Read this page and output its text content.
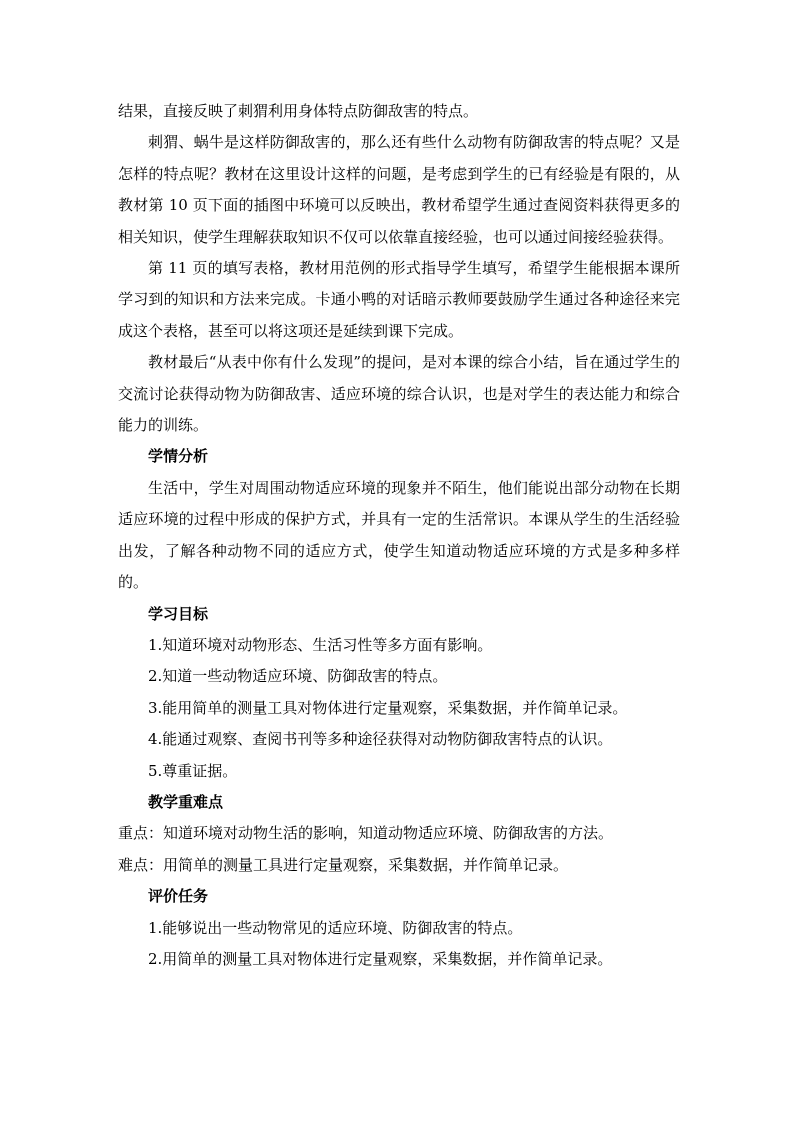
结果，直接反映了刺猬利用身体特点防御敌害的特点。

刺猬、蜗牛是这样防御敌害的，那么还有些什么动物有防御敌害的特点呢？又是怎样的特点呢？教材在这里设计这样的问题，是考虑到学生的已有经验是有限的，从教材第 10 页下面的插图中环境可以反映出，教材希望学生通过查阅资料获得更多的相关知识，使学生理解获取知识不仅可以依靠直接经验，也可以通过间接经验获得。

第 11 页的填写表格，教材用范例的形式指导学生填写，希望学生能根据本课所学习到的知识和方法来完成。卡通小鸭的对话暗示教师要鼓励学生通过各种途径来完成这个表格，甚至可以将这项还是延续到课下完成。

教材最后“从表中你有什么发现”的提问，是对本课的综合小结，旨在通过学生的交流讨论获得动物为防御敌害、适应环境的综合认识，也是对学生的表达能力和综合能力的训练。

学情分析

生活中，学生对周围动物适应环境的现象并不陌生，他们能说出部分动物在长期适应环境的过程中形成的保护方式，并具有一定的生活常识。本课从学生的生活经验出发，了解各种动物不同的适应方式，使学生知道动物适应环境的方式是多种多样的。

学习目标

1.知道环境对动物形态、生活习性等多方面有影响。

2.知道一些动物适应环境、防御敌害的特点。

3.能用简单的测量工具对物体进行定量观察，采集数据，并作简单记录。

4.能通过观察、查阅书刊等多种途径获得对动物防御敌害特点的认识。

5.尊重证据。

教学重难点

重点：知道环境对动物生活的影响，知道动物适应环境、防御敌害的方法。

难点：用简单的测量工具进行定量观察，采集数据，并作简单记录。

评价任务

1.能够说出一些动物常见的适应环境、防御敌害的特点。

2.用简单的测量工具对物体进行定量观察，采集数据，并作简单记录。
